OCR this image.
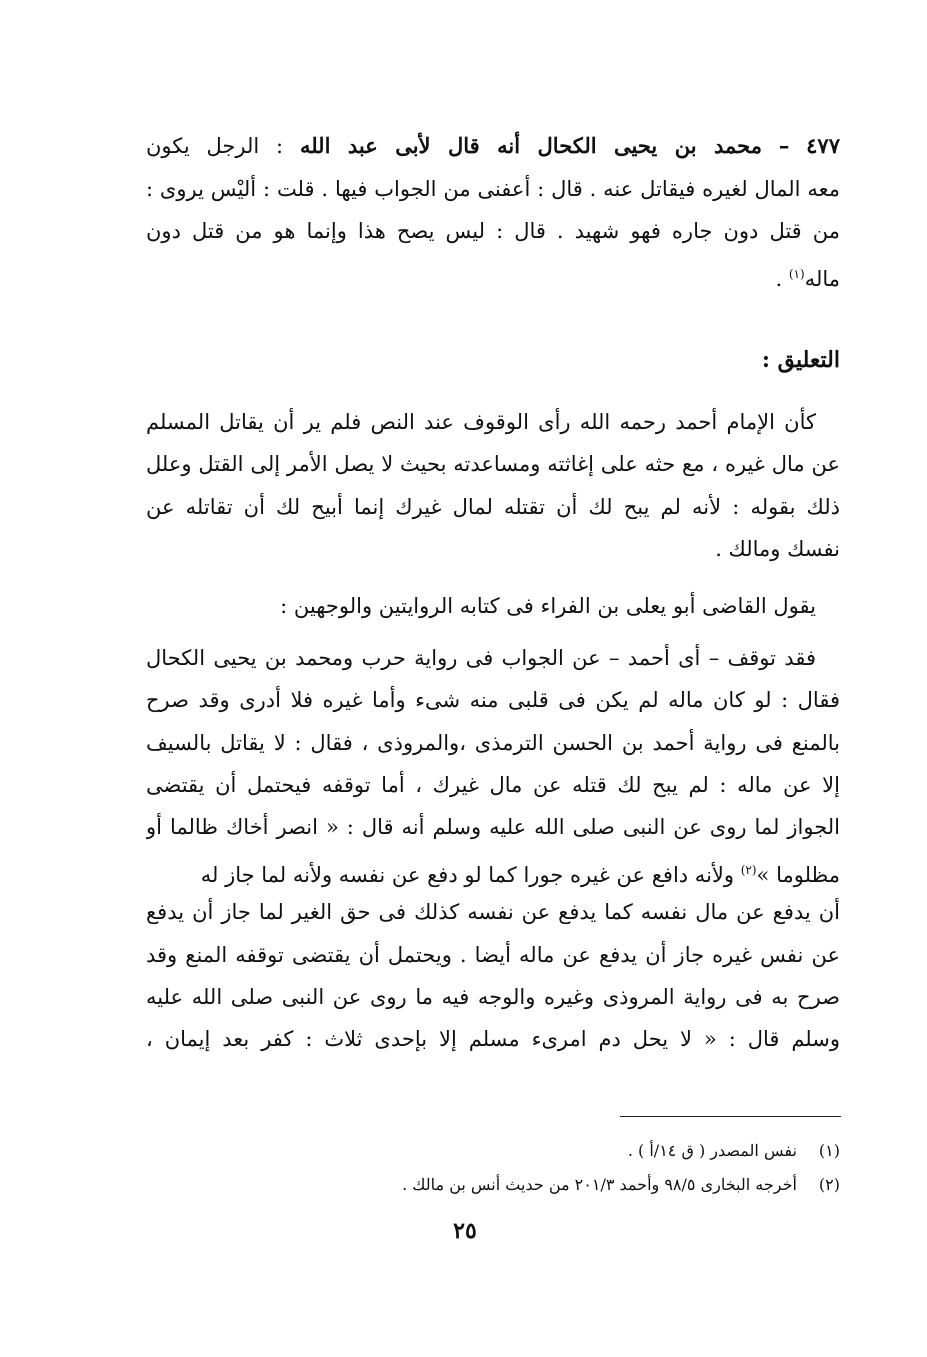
٤٧٧ – محمد بن يحيى الكحال أنه قال لأبى عبد الله : الرجل يكون
معه المال لغيره فيقاتل عنه . قال : أعفنى من الجواب فيها . قلت : أليْس يروى :
من قتل دون جاره فهو شهيد . قال : ليس يصح هذا وإنما هو من قتل دون
ماله$^{(١)}$ .
التعليق :
كأن الإمام أحمد رحمه الله رأى الوقوف عند النص فلم ير أن يقاتل المسلم
عن مال غيره ، مع حثه على إغاثته ومساعدته بحيث لا يصل الأمر إلى القتل وعلل
ذلك بقوله : لأنه لم يبح لك أن تقتله لمال غيرك إنما أبيح لك أن تقاتله عن
نفسك ومالك .
يقول القاضى أبو يعلى بن الفراء فى كتابه الروايتين والوجهين :
فقد توقف – أى أحمد – عن الجواب فى رواية حرب ومحمد بن يحيى الكحال
فقال : لو كان ماله لم يكن فى قلبى منه شىء وأما غيره فلا أدرى وقد صرح
بالمنع فى رواية أحمد بن الحسن الترمذى ،والمروذى ، فقال : لا يقاتل بالسيف
إلا عن ماله : لم يبح لك قتله عن مال غيرك ، أما توقفه فيحتمل أن يقتضى
الجواز لما روى عن النبى صلى الله عليه وسلم أنه قال : « انصر أخاك ظالما أو
مظلوما »$^{(٢)}$ ولأنه دافع عن غيره جورا كما لو دفع عن نفسه ولأنه لما جاز له
أن يدفع عن مال نفسه كما يدفع عن نفسه كذلك فى حق الغير لما جاز أن يدفع
عن نفس غيره جاز أن يدفع عن ماله أيضا . ويحتمل أن يقتضى توقفه المنع وقد
صرح به فى رواية المروذى وغيره والوجه فيه ما روى عن النبى صلى الله عليه
وسلم قال : « لا يحل دم امرىء مسلم إلا بإحدى ثلاث : كفر بعد إيمان ،
(١) نفس المصدر ( ق ١٤/أ ) .
(٢) أخرجه البخارى ٩٨/٥ وأحمد ٢٠١/٣ من حديث أنس بن مالك .
٢٥
